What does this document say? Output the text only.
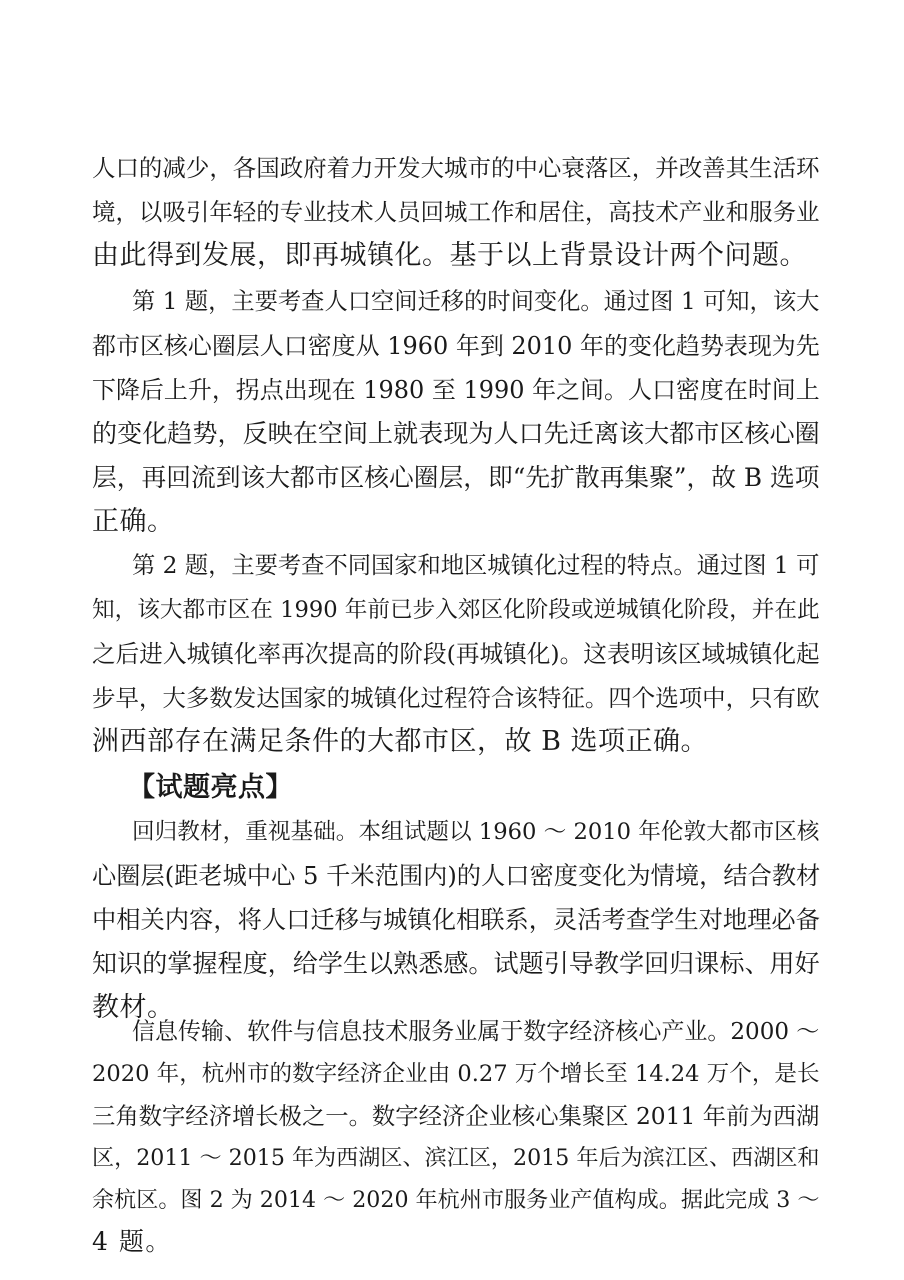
人口的减少，各国政府着力开发大城市的中心衰落区，并改善其生活环
境，以吸引年轻的专业技术人员回城工作和居住，高技术产业和服务业
由此得到发展，即再城镇化。基于以上背景设计两个问题。
第 1 题，主要考查人口空间迁移的时间变化。通过图 1 可知，该大
都市区核心圈层人口密度从 1960 年到 2010 年的变化趋势表现为先
下降后上升，拐点出现在 1980 至 1990 年之间。人口密度在时间上
的变化趋势，反映在空间上就表现为人口先迁离该大都市区核心圈
层，再回流到该大都市区核心圈层，即“先扩散再集聚”，故 B 选项
正确。
第 2 题，主要考查不同国家和地区城镇化过程的特点。通过图 1 可
知，该大都市区在 1990 年前已步入郊区化阶段或逆城镇化阶段，并在此
之后进入城镇化率再次提高的阶段(再城镇化)。这表明该区域城镇化起
步早，大多数发达国家的城镇化过程符合该特征。四个选项中，只有欧
洲西部存在满足条件的大都市区，故 B 选项正确。
【试题亮点】
回归教材，重视基础。本组试题以 1960 ～ 2010 年伦敦大都市区核
心圈层(距老城中心 5 千米范围内)的人口密度变化为情境，结合教材
中相关内容，将人口迁移与城镇化相联系，灵活考查学生对地理必备
知识的掌握程度，给学生以熟悉感。试题引导教学回归课标、用好
教材。
信息传输、软件与信息技术服务业属于数字经济核心产业。2000 ～
2020 年，杭州市的数字经济企业由 0.27 万个增长至 14.24 万个，是长
三角数字经济增长极之一。数字经济企业核心集聚区 2011 年前为西湖
区，2011 ～ 2015 年为西湖区、滨江区，2015 年后为滨江区、西湖区和
余杭区。图 2 为 2014 ～ 2020 年杭州市服务业产值构成。据此完成 3 ～
4 题。
